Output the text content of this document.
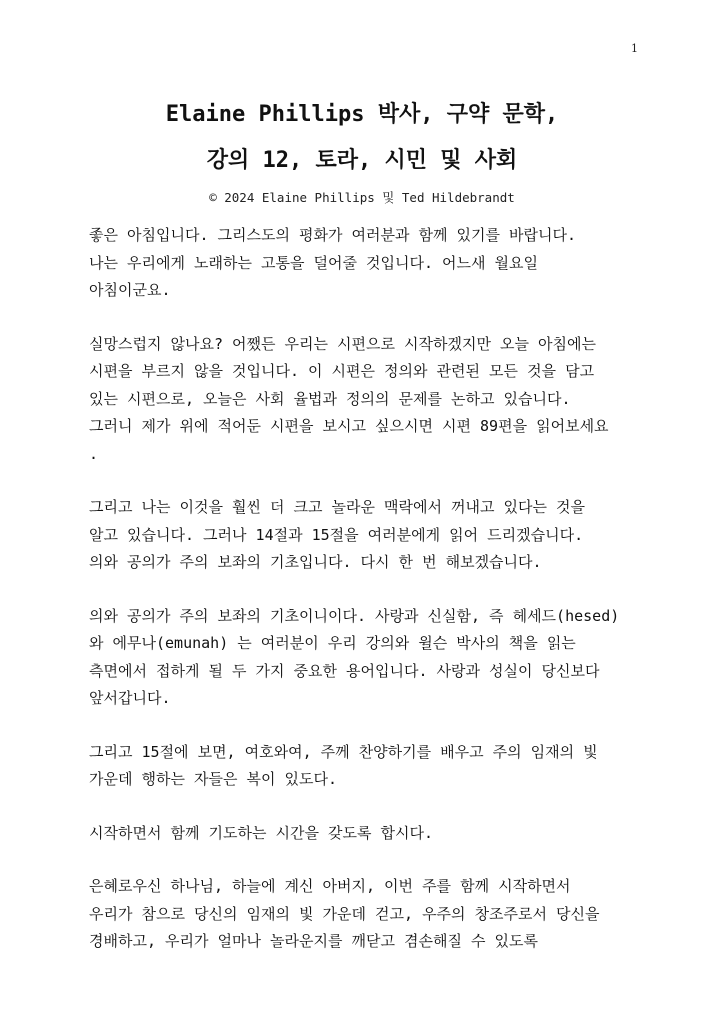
1
Elaine Phillips 박사, 구약 문학,
강의 12, 토라, 시민 및 사회
© 2024 Elaine Phillips 및 Ted Hildebrandt

좋은 아침입니다. 그리스도의 평화가 여러분과 함께 있기를 바랍니다.
나는 우리에게 노래하는 고통을 덜어줄 것입니다. 어느새 월요일
아침이군요.

실망스럽지 않나요? 어쨌든 우리는 시편으로 시작하겠지만 오늘 아침에는
시편을 부르지 않을 것입니다. 이 시편은 정의와 관련된 모든 것을 담고
있는 시편으로, 오늘은 사회 율법과 정의의 문제를 논하고 있습니다.
그러니 제가 위에 적어둔 시편을 보시고 싶으시면 시편 89편을 읽어보세요
.

그리고 나는 이것을 훨씬 더 크고 놀라운 맥락에서 꺼내고 있다는 것을
알고 있습니다. 그러나 14절과 15절을 여러분에게 읽어 드리겠습니다.
의와 공의가 주의 보좌의 기초입니다. 다시 한 번 해보겠습니다.

의와 공의가 주의 보좌의 기초이니이다. 사랑과 신실함, 즉 헤세드(hesed)
와 에무나(emunah) 는 여러분이 우리 강의와 윌슨 박사의 책을 읽는
측면에서 접하게 될 두 가지 중요한 용어입니다. 사랑과 성실이 당신보다
앞서갑니다.

그리고 15절에 보면, 여호와여, 주께 찬양하기를 배우고 주의 임재의 빛
가운데 행하는 자들은 복이 있도다.

시작하면서 함께 기도하는 시간을 갖도록 합시다.

은혜로우신 하나님, 하늘에 계신 아버지, 이번 주를 함께 시작하면서
우리가 참으로 당신의 임재의 빛 가운데 걷고, 우주의 창조주로서 당신을
경배하고, 우리가 얼마나 놀라운지를 깨닫고 겸손해질 수 있도록
